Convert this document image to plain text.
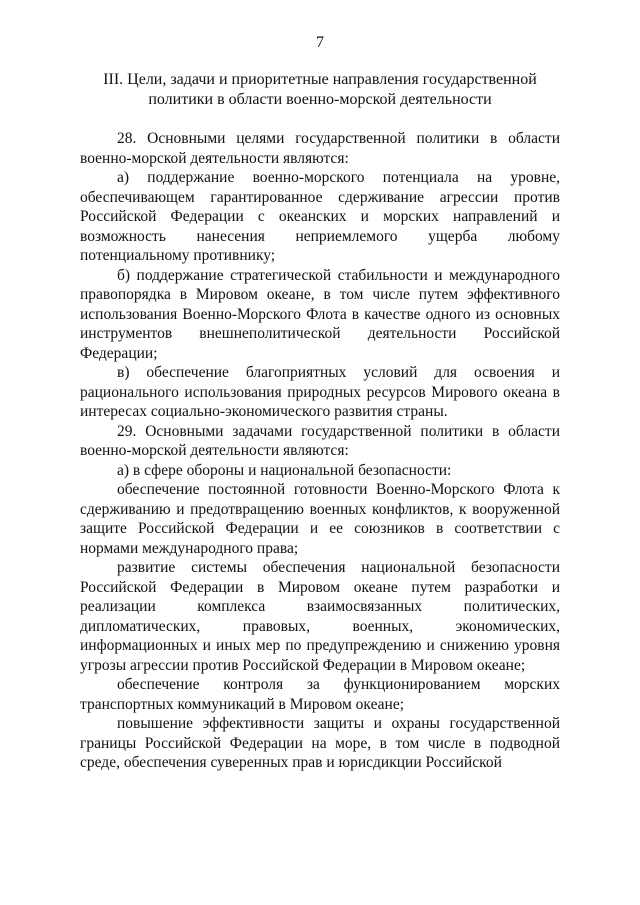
7
III. Цели, задачи и приоритетные направления государственной
политики в области военно-морской деятельности

28. Основными целями государственной политики в области военно-морской деятельности являются:

а) поддержание военно-морского потенциала на уровне, обеспечивающем гарантированное сдерживание агрессии против Российской Федерации с океанских и морских направлений и возможность нанесения неприемлемого ущерба любому потенциальному противнику;

б) поддержание стратегической стабильности и международного правопорядка в Мировом океане, в том числе путем эффективного использования Военно-Морского Флота в качестве одного из основных инструментов внешнеполитической деятельности Российской Федерации;

в) обеспечение благоприятных условий для освоения и рационального использования природных ресурсов Мирового океана в интересах социально-экономического развития страны.

29. Основными задачами государственной политики в области военно-морской деятельности являются:

а) в сфере обороны и национальной безопасности:

обеспечение постоянной готовности Военно-Морского Флота к сдерживанию и предотвращению военных конфликтов, к вооруженной защите Российской Федерации и ее союзников в соответствии с нормами международного права;

развитие системы обеспечения национальной безопасности Российской Федерации в Мировом океане путем разработки и реализации комплекса взаимосвязанных политических, дипломатических, правовых, военных, экономических, информационных и иных мер по предупреждению и снижению уровня угрозы агрессии против Российской Федерации в Мировом океане;

обеспечение контроля за функционированием морских транспортных коммуникаций в Мировом океане;

повышение эффективности защиты и охраны государственной границы Российской Федерации на море, в том числе в подводной среде, обеспечения суверенных прав и юрисдикции Российской
